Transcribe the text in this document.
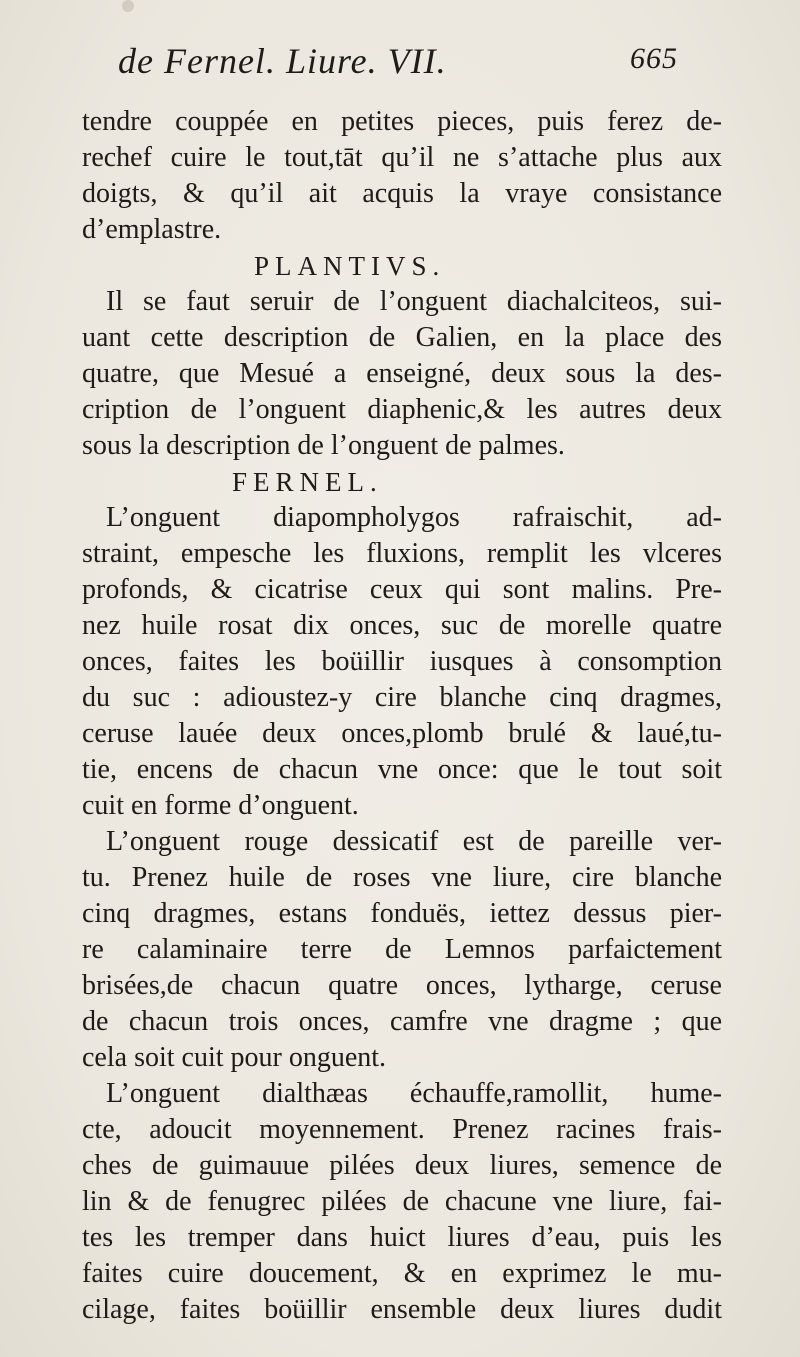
de Fernel. Liure. VII.	665
tendre couppée en petites pieces, puis ferez de-
rechef cuire le tout,tāt qu’il ne s’attache plus aux
doigts, & qu’il ait acquis la vraye consistance
d’emplastre.
PLANTIVS.
Il se faut seruir de l’onguent diachalciteos, sui-
uant cette description de Galien, en la place des
quatre, que Mesué a enseigné, deux sous la des-
cription de l’onguent diaphenic,& les autres deux
sous la description de l’onguent de palmes.
FERNEL.
L’onguent diapompholygos rafraischit, ad-
straint, empesche les fluxions, remplit les vlceres
profonds, & cicatrise ceux qui sont malins. Pre-
nez huile rosat dix onces, suc de morelle quatre
onces, faites les boüillir iusques à consomption
du suc : adioustez-y cire blanche cinq dragmes,
ceruse lauée deux onces,plomb brulé & laué,tu-
tie, encens de chacun vne once: que le tout soit
cuit en forme d’onguent.
L’onguent rouge dessicatif est de pareille ver-
tu. Prenez huile de roses vne liure, cire blanche
cinq dragmes, estans fonduës, iettez dessus pier-
re calaminaire terre de Lemnos parfaictement
brisées,de chacun quatre onces, lytharge, ceruse
de chacun trois onces, camfre vne dragme ; que
cela soit cuit pour onguent.
L’onguent dialthæas échauffe,ramollit, hume-
cte, adoucit moyennement. Prenez racines frais-
ches de guimauue pilées deux liures, semence de
lin & de fenugrec pilées de chacune vne liure, fai-
tes les tremper dans huict liures d’eau, puis les
faites cuire doucement, & en exprimez le mu-
cilage, faites boüillir ensemble deux liures dudit
